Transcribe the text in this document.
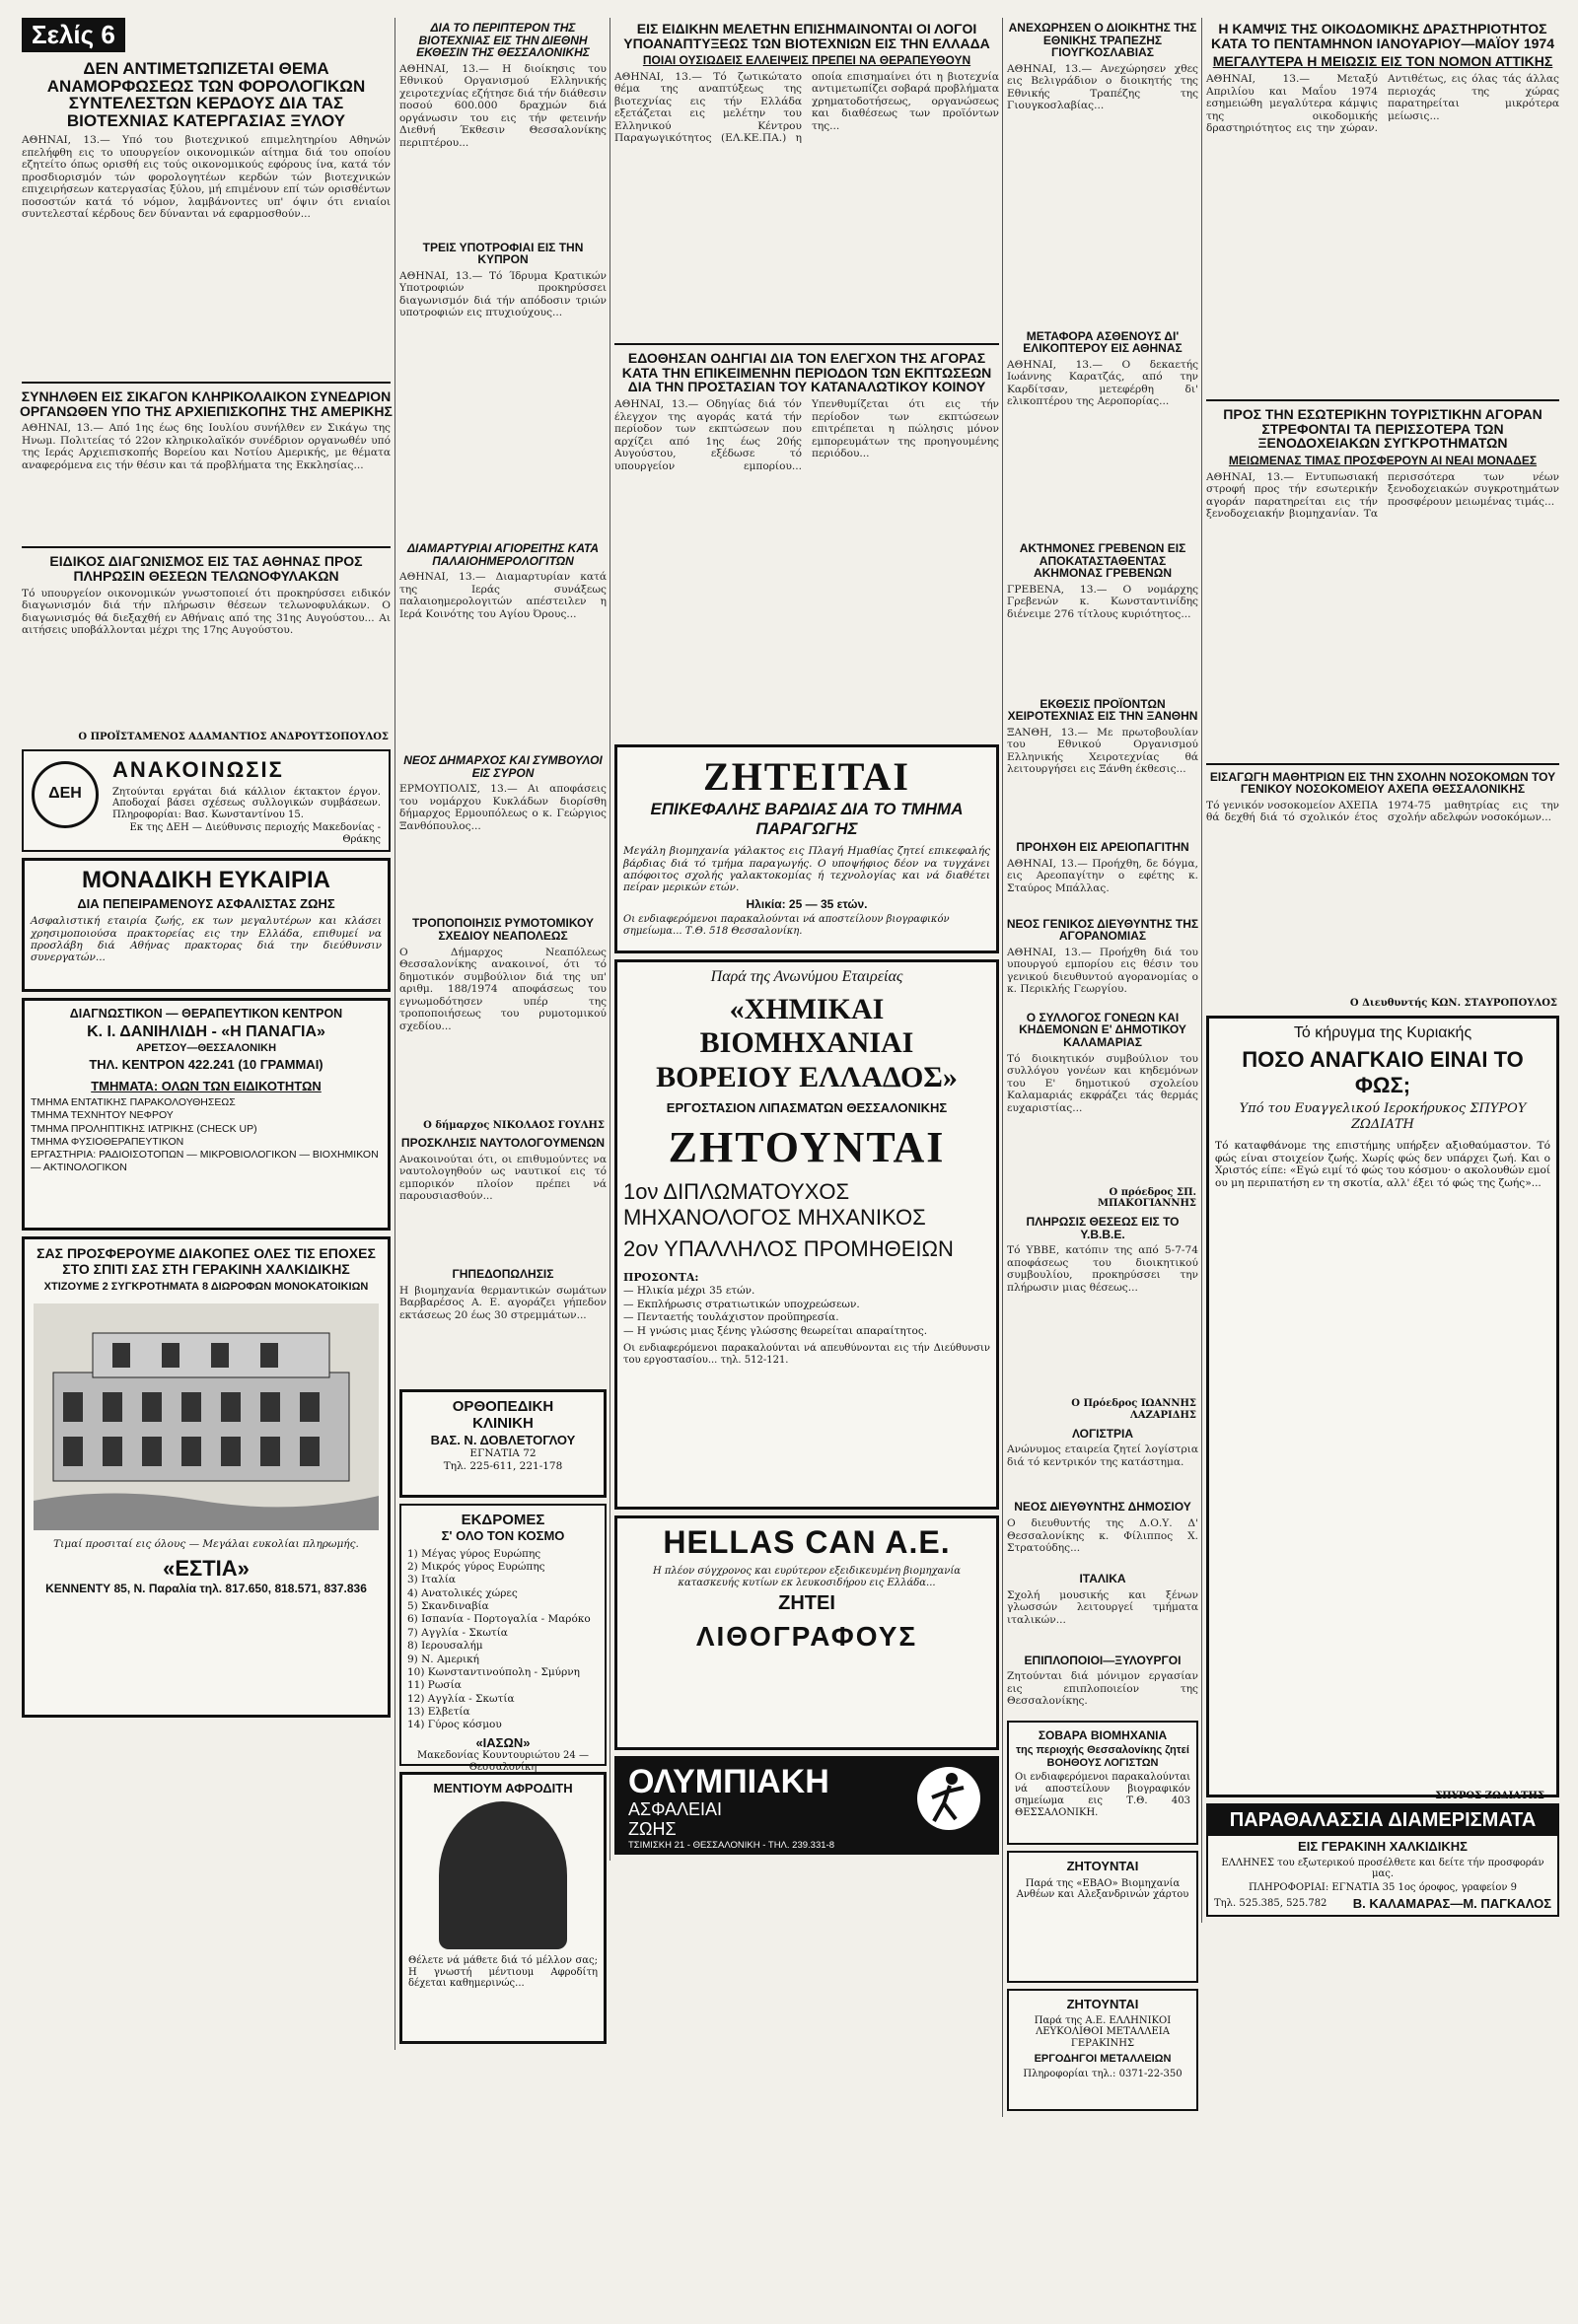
Σελίς 6
ΔΕΝ ΑΝΤΙΜΕΤΩΠΙΖΕΤΑΙ ΘΕΜΑ ΑΝΑΜΟΡΦΩΣΕΩΣ ΤΩΝ ΦΟΡΟΛΟΓΙΚΩΝ ΣΥΝΤΕΛΕΣΤΩΝ ΚΕΡΔΟΥΣ ΔΙΑ ΤΑΣ ΒΙΟΤΕΧΝΙΑΣ ΚΑΤΕΡΓΑΣΙΑΣ ΞΥΛΟΥ
ΑΘΗΝΑΙ, 13.— Υπό του βιοτεχνικού επιμελητηρίου Αθηνών επελήφθη εις το υπουργείον οικονομικών αίτημα διά του οποίου εζητείτο όπως ορισθή εις τούς οικονομικούς εφόρους ίνα, κατά τόν προσδιορισμόν τών φορολογητέων κερδών τών βιοτεχνικών επιχειρήσεων κατεργασίας ξύλου, μή επιμένουν επί τών ορισθέντων ποσοστών κατά τό νόμον, λαμβάνοντες υπ' όψιν ότι ενιαίοι συντελεσταί κέρδους δεν δύνανται νά εφαρμοσθούν...
ΣΥΝΗΛΘΕΝ ΕΙΣ ΣΙΚΑΓΟΝ ΚΛΗΡΙΚΟΛΑΙΚΟΝ ΣΥΝΕΔΡΙΟΝ ΟΡΓΑΝΩΘΕΝ ΥΠΟ ΤΗΣ ΑΡΧΙΕΠΙΣΚΟΠΗΣ ΤΗΣ ΑΜΕΡΙΚΗΣ
ΑΘΗΝΑΙ, 13.— Από 1ης έως 6ης Ιουλίου συνήλθεν εν Σικάγω της Ηνωμ. Πολιτείας τό 22ον κληρικολαϊκόν συνέδριον οργανωθέν υπό της Ιεράς Αρχιεπισκοπής Βορείου και Νοτίου Αμερικής, με θέματα αναφερόμενα εις τήν θέσιν και τά προβλήματα της Εκκλησίας...
ΕΙΔΙΚΟΣ ΔΙΑΓΩΝΙΣΜΟΣ ΕΙΣ ΤΑΣ ΑΘΗΝΑΣ ΠΡΟΣ ΠΛΗΡΩΣΙΝ ΘΕΣΕΩΝ ΤΕΛΩΝΟΦΥΛΑΚΩΝ
Τό υπουργείον οικονομικών γνωστοποιεί ότι προκηρύσσει ειδικόν διαγωνισμόν διά τήν πλήρωσιν θέσεων τελωνοφυλάκων. Ο διαγωνισμός θά διεξαχθή εν Αθήναις από της 31ης Αυγούστου... Αι αιτήσεις υποβάλλονται μέχρι της 17ης Αυγούστου.
Ο ΠΡΟΪΣΤΑΜΕΝΟΣ ΑΔΑΜΑΝΤΙΟΣ ΑΝΔΡΟΥΤΣΟΠΟΥΛΟΣ
ΔΕΗ
ΑΝΑΚΟΙΝΩΣΙΣ
Ζητούνται εργάται διά κάλλιον έκτακτον έργον. Αποδοχαί βάσει σχέσεως συλλογικών συμβάσεων. Πληροφορίαι: Βασ. Κωνσταντίνου 15.
Εκ της ΔΕΗ — Διεύθυνσις περιοχής Μακεδονίας - Θράκης
ΜΟΝΑΔΙΚΗ ΕΥΚΑΙΡΙΑ
ΔΙΑ ΠΕΠΕΙΡΑΜΕΝΟΥΣ ΑΣΦΑΛΙΣΤΑΣ ΖΩΗΣ
Ασφαλιστική εταιρία ζωής, εκ των μεγαλυτέρων και κλάσει χρησιμοποιούσα πρακτορείας εις την Ελλάδα, επιθυμεί να προσλάβη διά Αθήνας πρακτορας διά την διεύθυνσιν συνεργατών...
ΔΙΑΓΝΩΣΤΙΚΟΝ — ΘΕΡΑΠΕΥΤΙΚΟΝ ΚΕΝΤΡΟΝ
Κ. Ι. ΔΑΝΙΗΛΙΔΗ - «Η ΠΑΝΑΓΙΑ»
ΑΡΕΤΣΟΥ—ΘΕΣΣΑΛΟΝΙΚΗ
ΤΗΛ. ΚΕΝΤΡΟΝ 422.241 (10 ΓΡΑΜΜΑΙ)
ΤΜΗΜΑΤΑ: ΟΛΩΝ ΤΩΝ ΕΙΔΙΚΟΤΗΤΩΝ
ΤΜΗΜΑ ΕΝΤΑΤΙΚΗΣ ΠΑΡΑΚΟΛΟΥΘΗΣΕΩΣ
ΤΜΗΜΑ ΤΕΧΝΗΤΟΥ ΝΕΦΡΟΥ
ΤΜΗΜΑ ΠΡΟΛΗΠΤΙΚΗΣ ΙΑΤΡΙΚΗΣ (CHECK UP)
ΤΜΗΜΑ ΦΥΣΙΟΘΕΡΑΠΕΥΤΙΚΟΝ
ΕΡΓΑΣΤΗΡΙΑ: ΡΑΔΙΟΙΣΟΤΟΠΩΝ — ΜΙΚΡΟΒΙΟΛΟΓΙΚΟΝ — ΒΙΟΧΗΜΙΚΟΝ — ΑΚΤΙΝΟΛΟΓΙΚΟΝ
ΣΑΣ ΠΡΟΣΦΕΡΟΥΜΕ ΔΙΑΚΟΠΕΣ ΟΛΕΣ ΤΙΣ ΕΠΟΧΕΣ ΣΤΟ ΣΠΙΤΙ ΣΑΣ ΣΤΗ ΓΕΡΑΚΙΝΗ ΧΑΛΚΙΔΙΚΗΣ
ΧΤΙΖΟΥΜΕ 2 ΣΥΓΚΡΟΤΗΜΑΤΑ 8 ΔΙΩΡΟΦΩΝ ΜΟΝΟΚΑΤΟΙΚΙΩΝ
Τιμαί προσιταί εις όλους — Μεγάλαι ευκολίαι πληρωμής.
«ΕΣΤΙΑ»
ΚΕΝΝΕΝΤΥ 85, Ν. Παραλία τηλ. 817.650, 818.571, 837.836
ΔΙΑ ΤΟ ΠΕΡΙΠΤΕΡΟΝ ΤΗΣ ΒΙΟΤΕΧΝΙΑΣ ΕΙΣ ΤΗΝ ΔΙΕΘΝΗ ΕΚΘΕΣΙΝ ΤΗΣ ΘΕΣΣΑΛΟΝΙΚΗΣ
ΑΘΗΝΑΙ, 13.— Η διοίκησις του Εθνικού Οργανισμού Ελληνικής χειροτεχνίας εζήτησε διά τήν διάθεσιν ποσού 600.000 δραχμών διά οργάνωσιν του εις τήν φετεινήν Διεθνή Έκθεσιν Θεσσαλονίκης περιπτέρου...
ΤΡΕΙΣ ΥΠΟΤΡΟΦΙΑΙ ΕΙΣ ΤΗΝ ΚΥΠΡΟΝ
ΑΘΗΝΑΙ, 13.— Τό Ίδρυμα Κρατικών Υποτροφιών προκηρύσσει διαγωνισμόν διά τήν απόδοσιν τριών υποτροφιών εις πτυχιούχους...
ΔΙΑΜΑΡΤΥΡΙΑΙ ΑΓΙΟΡΕΙΤΗΣ ΚΑΤΑ ΠΑΛΑΙΟΗΜΕΡΟΛΟΓΙΤΩΝ
ΑΘΗΝΑΙ, 13.— Διαμαρτυρίαν κατά της Ιεράς συνάξεως παλαιοημερολογιτών απέστειλεν η Ιερά Κοινότης του Αγίου Όρους...
ΝΕΟΣ ΔΗΜΑΡΧΟΣ ΚΑΙ ΣΥΜΒΟΥΛΟΙ ΕΙΣ ΣΥΡΟΝ
ΕΡΜΟΥΠΟΛΙΣ, 13.— Αι αποφάσεις του νομάρχου Κυκλάδων διορίσθη δήμαρχος Ερμουπόλεως ο κ. Γεώργιος Ξανθόπουλος...
ΤΡΟΠΟΠΟΙΗΣΙΣ ΡΥΜΟΤΟΜΙΚΟΥ ΣΧΕΔΙΟΥ ΝΕΑΠΟΛΕΩΣ
Ο Δήμαρχος Νεαπόλεως Θεσσαλονίκης ανακοινοί, ότι τό δημοτικόν συμβούλιον διά της υπ' αριθμ. 188/1974 αποφάσεως του εγνωμοδότησεν υπέρ της τροποποιήσεως του ρυμοτομικού σχεδίου...
Ο δήμαρχος ΝΙΚΟΛΑΟΣ ΓΟΥΛΗΣ
ΠΡΟΣΚΛΗΣΙΣ ΝΑΥΤΟΛΟΓΟΥΜΕΝΩΝ
Ανακοινούται ότι, οι επιθυμούντες να ναυτολογηθούν ως ναυτικοί εις τό εμπορικόν πλοίον πρέπει νά παρουσιασθούν...
ΓΗΠΕΔΟΠΩΛΗΣΙΣ
Η βιομηχανία θερμαντικών σωμάτων Βαρβαρέσος Α. Ε. αγοράζει γήπεδον εκτάσεως 20 έως 30 στρεμμάτων...
ΟΡΘΟΠΕΔΙΚΗ
ΚΛΙΝΙΚΗ
ΒΑΣ. Ν. ΔΟΒΛΕΤΟΓΛΟΥ
ΕΓΝΑΤΙΑ 72
Τηλ. 225-611, 221-178
ΕΚΔΡΟΜΕΣ
Σ' ΟΛΟ ΤΟΝ ΚΟΣΜΟ
1) Μέγας γύρος Ευρώπης
2) Μικρός γύρος Ευρώπης
3) Ιταλία
4) Ανατολικές χώρες
5) Σκανδιναβία
6) Ισπανία - Πορτογαλία - Μαρόκο
7) Αγγλία - Σκωτία
8) Ιερουσαλήμ
9) Ν. Αμερική
10) Κωνσταντινούπολη - Σμύρνη
11) Ρωσία
12) Αγγλία - Σκωτία
13) Ελβετία
14) Γύρος κόσμου
«ΙΑΣΩΝ»
Μακεδονίας Κουντουριώτου 24 — Θεσσαλονίκη
ΜΕΝΤΙΟΥΜ ΑΦΡΟΔΙΤΗ
Θέλετε νά μάθετε διά τό μέλλον σας; Η γνωστή μέντιουμ Αφροδίτη δέχεται καθημερινώς...
ΕΙΣ ΕΙΔΙΚΗΝ ΜΕΛΕΤΗΝ ΕΠΙΣΗΜΑΙΝΟΝΤΑΙ ΟΙ ΛΟΓΟΙ ΥΠΟΑΝΑΠΤΥΞΕΩΣ ΤΩΝ ΒΙΟΤΕΧΝΙΩΝ ΕΙΣ ΤΗΝ ΕΛΛΑΔΑ
ΠΟΙΑΙ ΟΥΣΙΩΔΕΙΣ ΕΛΛΕΙΨΕΙΣ ΠΡΕΠΕΙ ΝΑ ΘΕΡΑΠΕΥΘΟΥΝ
ΑΘΗΝΑΙ, 13.— Τό ζωτικώτατο θέμα της αναπτύξεως της βιοτεχνίας εις τήν Ελλάδα εξετάζεται εις μελέτην του Ελληνικού Κέντρου Παραγωγικότητος (ΕΛ.ΚΕ.ΠΑ.) η οποία επισημαίνει ότι η βιοτεχνία αντιμετωπίζει σοβαρά προβλήματα χρηματοδοτήσεως, οργανώσεως και διαθέσεως των προϊόντων της...
ΕΔΟΘΗΣΑΝ ΟΔΗΓΙΑΙ ΔΙΑ ΤΟΝ ΕΛΕΓΧΟΝ ΤΗΣ ΑΓΟΡΑΣ ΚΑΤΑ ΤΗΝ ΕΠΙΚΕΙΜΕΝΗΝ ΠΕΡΙΟΔΟΝ ΤΩΝ ΕΚΠΤΩΣΕΩΝ ΔΙΑ ΤΗΝ ΠΡΟΣΤΑΣΙΑΝ ΤΟΥ ΚΑΤΑΝΑΛΩΤΙΚΟΥ ΚΟΙΝΟΥ
ΑΘΗΝΑΙ, 13.— Οδηγίας διά τόν έλεγχον της αγοράς κατά τήν περίοδον των εκπτώσεων που αρχίζει από 1ης έως 20ής Αυγούστου, εξέδωσε τό υπουργείον εμπορίου... Υπενθυμίζεται ότι εις τήν περίοδον των εκπτώσεων επιτρέπεται η πώλησις μόνον εμπορευμάτων της προηγουμένης περιόδου...
ΖΗΤΕΙΤΑΙ
ΕΠΙΚΕΦΑΛΗΣ ΒΑΡΔΙΑΣ ΔΙΑ ΤΟ ΤΜΗΜΑ ΠΑΡΑΓΩΓΗΣ
Μεγάλη βιομηχανία γάλακτος εις Πλαγή Ημαθίας ζητεί επικεφαλής βάρδιας διά τό τμήμα παραγωγής. Ο υποψήφιος δέον να τυγχάνει απόφοιτος σχολής γαλακτοκομίας ή τεχνολογίας και νά διαθέτει πείραν μερικών ετών.
Ηλικία: 25 — 35 ετών.
Οι ενδιαφερόμενοι παρακαλούνται νά αποστείλουν βιογραφικόν σημείωμα... Τ.Θ. 518 Θεσσαλονίκη.
Παρά της Ανωνύμου Εταιρείας
«ΧΗΜΙΚΑΙ ΒΙΟΜΗΧΑΝΙΑΙ ΒΟΡΕΙΟΥ ΕΛΛΑΔΟΣ»
ΕΡΓΟΣΤΑΣΙΟΝ ΛΙΠΑΣΜΑΤΩΝ ΘΕΣΣΑΛΟΝΙΚΗΣ
ΖΗΤΟΥΝΤΑΙ
1ον ΔΙΠΛΩΜΑΤΟΥΧΟΣ ΜΗΧΑΝΟΛΟΓΟΣ ΜΗΧΑΝΙΚΟΣ
2ον ΥΠΑΛΛΗΛΟΣ ΠΡΟΜΗΘΕΙΩΝ
ΠΡΟΣΟΝΤΑ:
— Ηλικία μέχρι 35 ετών.
— Εκπλήρωσις στρατιωτικών υποχρεώσεων.
— Πενταετής τουλάχιστον προϋπηρεσία.
— Η γνώσις μιας ξένης γλώσσης θεωρείται απαραίτητος.
Οι ενδιαφερόμενοι παρακαλούνται νά απευθύνονται εις τήν Διεύθυνσιν του εργοστασίου... τηλ. 512-121.
HELLAS CAN A.E.
Η πλέον σύγχρονος και ευρύτερον εξειδικευμένη βιομηχανία κατασκευής κυτίων εκ λευκοσιδήρου εις Ελλάδα...
ΖΗΤΕΙ
ΛΙΘΟΓΡΑΦΟΥΣ
ΟΛΥΜΠΙΑΚΗ
ΑΣΦΑΛΕΙΑΙ
ΖΩΗΣ
ΤΣΙΜΙΣΚΗ 21 - ΘΕΣΣΑΛΟΝΙΚΗ - ΤΗΛ. 239.331-8
ΑΝΕΧΩΡΗΣΕΝ Ο ΔΙΟΙΚΗΤΗΣ ΤΗΣ ΕΘΝΙΚΗΣ ΤΡΑΠΕΖΗΣ ΓΙΟΥΓΚΟΣΛΑΒΙΑΣ
ΑΘΗΝΑΙ, 13.— Ανεχώρησεν χθες εις Βελιγράδιον ο διοικητής της Εθνικής Τραπέζης της Γιουγκοσλαβίας...
ΜΕΤΑΦΟΡΑ ΑΣΘΕΝΟΥΣ ΔΙ' ΕΛΙΚΟΠΤΕΡΟΥ ΕΙΣ ΑΘΗΝΑΣ
ΑΘΗΝΑΙ, 13.— Ο δεκαετής Ιωάννης Καρατζάς, από την Καρδίτσαν, μετεφέρθη δι' ελικοπτέρου της Αεροπορίας...
ΑΚΤΗΜΟΝΕΣ ΓΡΕΒΕΝΩΝ ΕΙΣ ΑΠΟΚΑΤΑΣΤΑΘΕΝΤΑΣ ΑΚΗΜΟΝΑΣ ΓΡΕΒΕΝΩΝ
ΓΡΕΒΕΝΑ, 13.— Ο νομάρχης Γρεβενών κ. Κωνσταντινίδης διένειμε 276 τίτλους κυριότητος...
ΕΚΘΕΣΙΣ ΠΡΟΪΟΝΤΩΝ ΧΕΙΡΟΤΕΧΝΙΑΣ ΕΙΣ ΤΗΝ ΞΑΝΘΗΝ
ΞΑΝΘΗ, 13.— Με πρωτοβουλίαν του Εθνικού Οργανισμού Ελληνικής Χειροτεχνίας θά λειτουργήσει εις Ξάνθη έκθεσις...
ΠΡΟΗΧΘΗ ΕΙΣ ΑΡΕΙΟΠΑΓΙΤΗΝ
ΑΘΗΝΑΙ, 13.— Προήχθη, δε δόγμα, εις Αρεοπαγίτην ο εφέτης κ. Σταύρος Μπάλλας.
ΝΕΟΣ ΓΕΝΙΚΟΣ ΔΙΕΥΘΥΝΤΗΣ ΤΗΣ ΑΓΟΡΑΝΟΜΙΑΣ
ΑΘΗΝΑΙ, 13.— Προήχθη διά του υπουργού εμπορίου εις θέσιν του γενικού διευθυντού αγορανομίας ο κ. Περικλής Γεωργίου.
Ο ΣΥΛΛΟΓΟΣ ΓΟΝΕΩΝ ΚΑΙ ΚΗΔΕΜΟΝΩΝ Ε' ΔΗΜΟΤΙΚΟΥ ΚΑΛΑΜΑΡΙΑΣ
Τό διοικητικόν συμβούλιον του συλλόγου γονέων και κηδεμόνων του Ε' δημοτικού σχολείου Καλαμαριάς εκφράζει τάς θερμάς ευχαριστίας...
Ο πρόεδρος ΣΠ. ΜΠΑΚΟΓΙΑΝΝΗΣ
ΠΛΗΡΩΣΙΣ ΘΕΣΕΩΣ ΕΙΣ ΤΟ Υ.Β.Β.Ε.
Τό ΥΒΒΕ, κατόπιν της από 5-7-74 αποφάσεως του διοικητικού συμβουλίου, προκηρύσσει την πλήρωσιν μιας θέσεως...
Ο Πρόεδρος ΙΩΑΝΝΗΣ ΛΑΖΑΡΙΔΗΣ
ΛΟΓΙΣΤΡΙΑ
Ανώνυμος εταιρεία ζητεί λογίστρια διά τό κεντρικόν της κατάστημα.
ΝΕΟΣ ΔΙΕΥΘΥΝΤΗΣ ΔΗΜΟΣΙΟΥ
Ο διευθυντής της Δ.Ο.Υ. Δ' Θεσσαλονίκης κ. Φίλιππος Χ. Στρατούδης...
ΙΤΑΛΙΚΑ
Σχολή μουσικής και ξένων γλωσσών λειτουργεί τμήματα ιταλικών...
ΕΠΙΠΛΟΠΟΙΟΙ—ΞΥΛΟΥΡΓΟΙ
Ζητούνται διά μόνιμον εργασίαν εις επιπλοποιείον της Θεσσαλονίκης.
ΣΟΒΑΡΑ ΒΙΟΜΗΧΑΝΙΑ
της περιοχής Θεσσαλονίκης ζητεί ΒΟΗΘΟΥΣ ΛΟΓΙΣΤΩΝ
Οι ενδιαφερόμενοι παρακαλούνται νά αποστείλουν βιογραφικόν σημείωμα εις Τ.Θ. 403 ΘΕΣΣΑΛΟΝΙΚΗ.
ΖΗΤΟΥΝΤΑΙ
Παρά της «ΕΒΑΟ» Βιομηχανία Ανθέων και Αλεξανδρινών χάρτου
ΖΗΤΟΥΝΤΑΙ
Παρά της Α.Ε. ΕΛΛΗΝΙΚΟΙ ΛΕΥΚΟΛΙΘΟΙ ΜΕΤΑΛΛΕΙΑ ΓΕΡΑΚΙΝΗΣ
ΕΡΓΟΔΗΓΟΙ ΜΕΤΑΛΛΕΙΩΝ
Πληροφορίαι τηλ.: 0371-22-350
Η ΚΑΜΨΙΣ ΤΗΣ ΟΙΚΟΔΟΜΙΚΗΣ ΔΡΑΣΤΗΡΙΟΤΗΤΟΣ ΚΑΤΑ ΤΟ ΠΕΝΤΑΜΗΝΟΝ ΙΑΝΟΥΑΡΙΟΥ—ΜΑΪΟΥ 1974
ΜΕΓΑΛΥΤΕΡΑ Η ΜΕΙΩΣΙΣ ΕΙΣ ΤΟΝ ΝΟΜΟΝ ΑΤΤΙΚΗΣ
ΑΘΗΝΑΙ, 13.— Μεταξύ Απριλίου και Μαΐου 1974 εσημειώθη μεγαλύτερα κάμψις της οικοδομικής δραστηριότητος εις την χώραν. Αντιθέτως, εις όλας τάς άλλας περιοχάς της χώρας παρατηρείται μικρότερα μείωσις...
ΠΡΟΣ ΤΗΝ ΕΣΩΤΕΡΙΚΗΝ ΤΟΥΡΙΣΤΙΚΗΝ ΑΓΟΡΑΝ ΣΤΡΕΦΟΝΤΑΙ ΤΑ ΠΕΡΙΣΣΟΤΕΡΑ ΤΩΝ ΞΕΝΟΔΟΧΕΙΑΚΩΝ ΣΥΓΚΡΟΤΗΜΑΤΩΝ
ΜΕΙΩΜΕΝΑΣ ΤΙΜΑΣ ΠΡΟΣΦΕΡΟΥΝ ΑΙ ΝΕΑΙ ΜΟΝΑΔΕΣ
ΑΘΗΝΑΙ, 13.— Εντυπωσιακή στροφή προς τήν εσωτερικήν αγοράν παρατηρείται εις τήν ξενοδοχειακήν βιομηχανίαν. Τα περισσότερα των νέων ξενοδοχειακών συγκροτημάτων προσφέρουν μειωμένας τιμάς...
ΕΙΣΑΓΩΓΗ ΜΑΘΗΤΡΙΩΝ ΕΙΣ ΤΗΝ ΣΧΟΛΗΝ ΝΟΣΟΚΟΜΩΝ ΤΟΥ ΓΕΝΙΚΟΥ ΝΟΣΟΚΟΜΕΙΟΥ ΑΧΕΠΑ ΘΕΣΣΑΛΟΝΙΚΗΣ
Τό γενικόν νοσοκομείον ΑΧΕΠΑ θά δεχθή διά τό σχολικόν έτος 1974-75 μαθητρίας εις την σχολήν αδελφών νοσοκόμων...
Ο Διευθυντής ΚΩΝ. ΣΤΑΥΡΟΠΟΥΛΟΣ
Τό κήρυγμα της Κυριακής
ΠΟΣΟ ΑΝΑΓΚΑΙΟ ΕΙΝΑΙ ΤΟ ΦΩΣ;
Υπό του Ευαγγελικού Ιεροκήρυκος ΣΠΥΡΟΥ ΖΩΔΙΑΤΗ
Τό καταφθάνομε της επιστήμης υπήρξεν αξιοθαύμαστον. Τό φώς είναι στοιχείον ζωής. Χωρίς φώς δεν υπάρχει ζωή. Και ο Χριστός είπε: «Εγώ ειμί τό φώς του κόσμου· ο ακολουθών εμοί ου μη περιπατήση εν τη σκοτία, αλλ' έξει τό φώς της ζωής»...
ΣΠΥΡΟΣ ΖΩΔΙΑΤΗΣ
ΠΑΡΑΘΑΛΑΣΣΙΑ ΔΙΑΜΕΡΙΣΜΑΤΑ
ΕΙΣ ΓΕΡΑΚΙΝΗ ΧΑΛΚΙΔΙΚΗΣ
ΕΛΛΗΝΕΣ του εξωτερικού προσέλθετε και δείτε τήν προσφοράν μας.
ΠΛΗΡΟΦΟΡΙΑΙ: ΕΓΝΑΤΙΑ 35 1ος όροφος, γραφείον 9
Τηλ. 525.385, 525.782 Β. ΚΑΛΑΜΑΡΑΣ—Μ. ΠΑΓΚΑΛΟΣ
